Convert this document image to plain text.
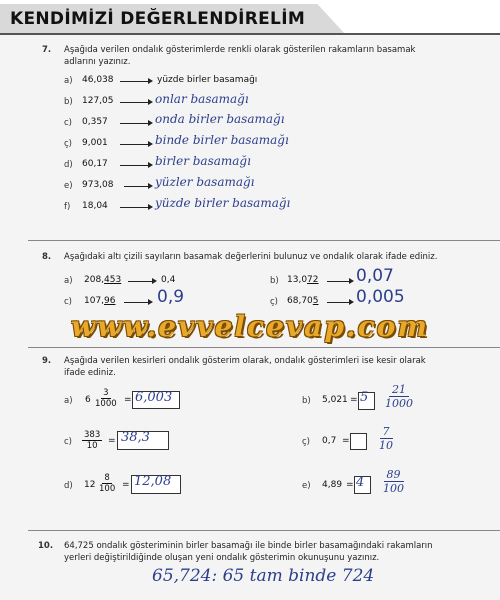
KENDİMİZİ DEĞERLENDİRELİM
7. Aşağıda verilen ondalık gösterimlerde renkli olarak gösterilen rakamların basamak
adlarını yazınız.
a)	46,038	yüzde birler basamağı
b)	127,05	onlar basamağı
c)	0,357	onda birler basamağı
ç)	9,001	binde birler basamağı
d)	60,17	birler basamağı
e)	973,08	yüzler basamağı
f)	18,04	yüzde birler basamağı
8. Aşağıdaki altı çizili sayıların basamak değerlerini bulunuz ve ondalık olarak ifade ediniz.
a)	208,453	0,4	b) 13,072 0,07
c)	107,96 0,9	ç)	68,705 0,005
www.evvelcevap.com
9. Aşağıda verilen kesirleri ondalık gösterim olarak, ondalık gösterimleri ise kesir olarak
ifade ediniz.
a)	$6 \frac{3}{1000} = 6,003$	b)	$5,021 = 5 \frac{21}{1000}$
c)	$\frac{383}{10} = 38,3$	ç)	$0,7 = \frac{7}{10}$
d)	$12 \frac{8}{100} = 12,08$	e)	$4,89 = 4 \frac{89}{100}$
10. 64,725 ondalık gösteriminin birler basamağı ile binde birler basamağındaki rakamların
yerleri değiştirildiğinde oluşan yeni ondalık gösterimin okunuşunu yazınız.
65,724: 65 tam binde 724
